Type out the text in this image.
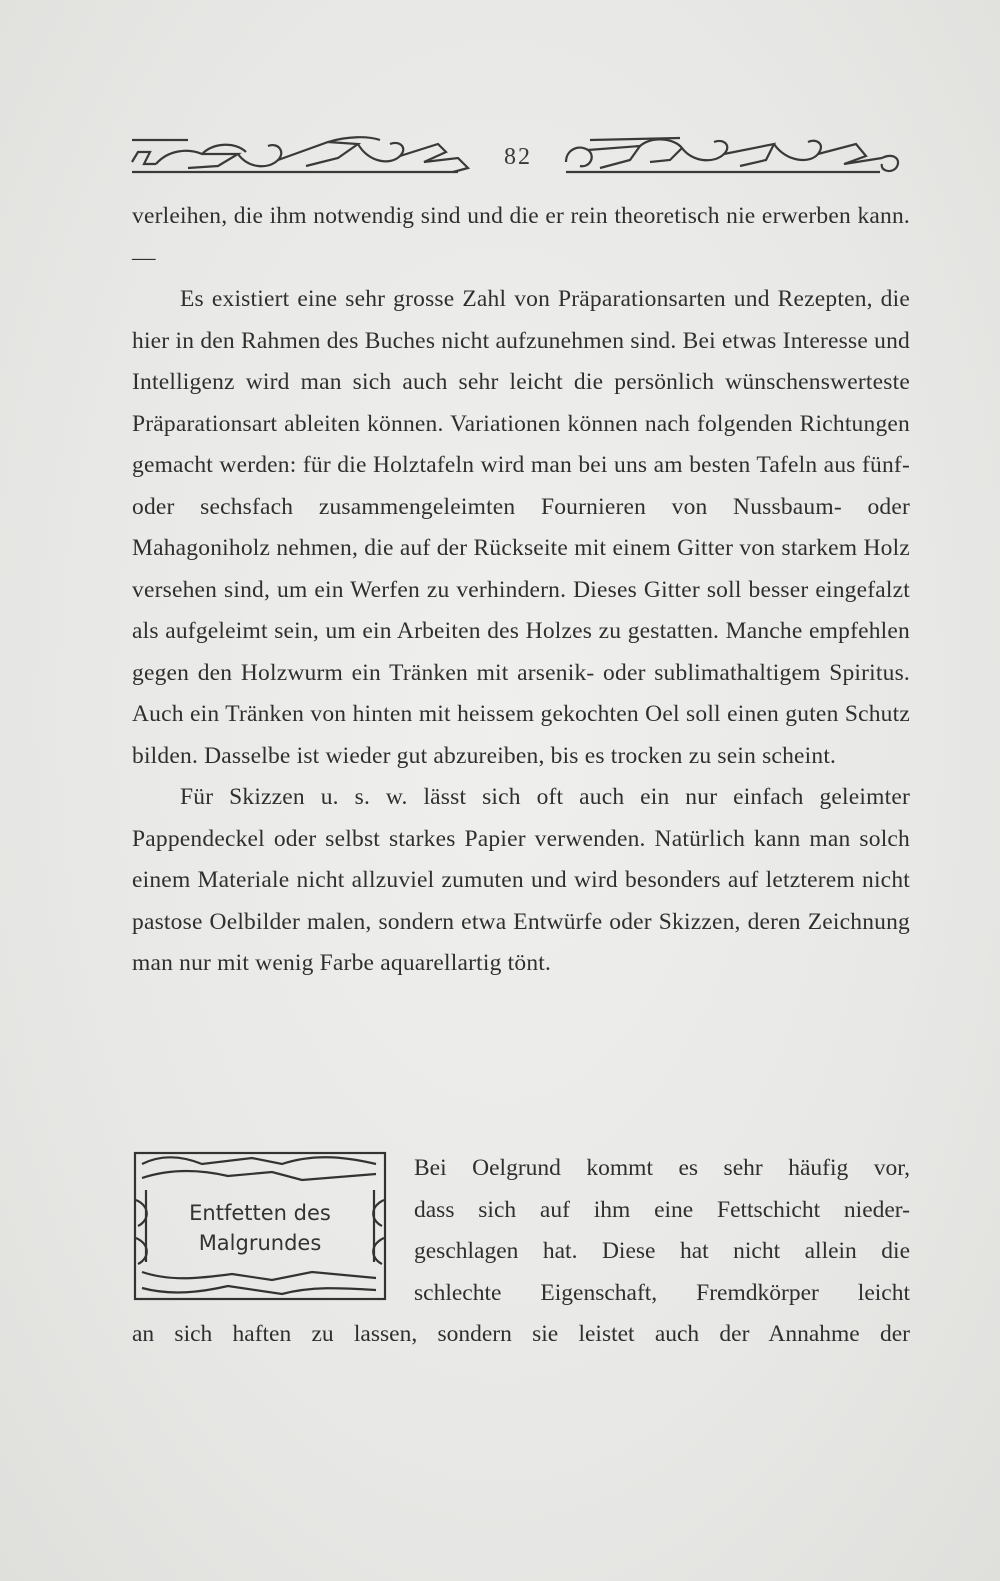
82

verleihen, die ihm notwendig sind und die er rein theoretisch nie erwerben kann. —

Es existiert eine sehr grosse Zahl von Präparationsarten und Rezepten, die hier in den Rahmen des Buches nicht aufzunehmen sind. Bei etwas Interesse und Intelligenz wird man sich auch sehr leicht die persönlich wünschenswerteste Präparationsart ableiten können. Variationen können nach folgenden Richtungen gemacht werden: für die Holztafeln wird man bei uns am besten Tafeln aus fünf- oder sechsfach zusammengeleimten Fournieren von Nussbaum- oder Mahagoniholz nehmen, die auf der Rückseite mit einem Gitter von starkem Holz versehen sind, um ein Werfen zu verhindern. Dieses Gitter soll besser eingefalzt als aufgeleimt sein, um ein Arbeiten des Holzes zu gestatten. Manche empfehlen gegen den Holzwurm ein Tränken mit arsenik- oder sublimathaltigem Spiritus. Auch ein Tränken von hinten mit heissem gekochten Oel soll einen guten Schutz bilden. Dasselbe ist wieder gut abzureiben, bis es trocken zu sein scheint.

Für Skizzen u. s. w. lässt sich oft auch ein nur einfach geleimter Pappendeckel oder selbst starkes Papier verwenden. Natürlich kann man solch einem Materiale nicht allzuviel zumuten und wird besonders auf letzterem nicht pastose Oelbilder malen, sondern etwa Entwürfe oder Skizzen, deren Zeichnung man nur mit wenig Farbe aquarellartig tönt.

Entfetten des Malgrundes
Bei Oelgrund kommt es sehr häufig vor,
dass sich auf ihm eine Fettschicht nieder-
geschlagen hat. Diese hat nicht allein die
schlechte Eigenschaft, Fremdkörper leicht
an sich haften zu lassen, sondern sie leistet auch der Annahme der
